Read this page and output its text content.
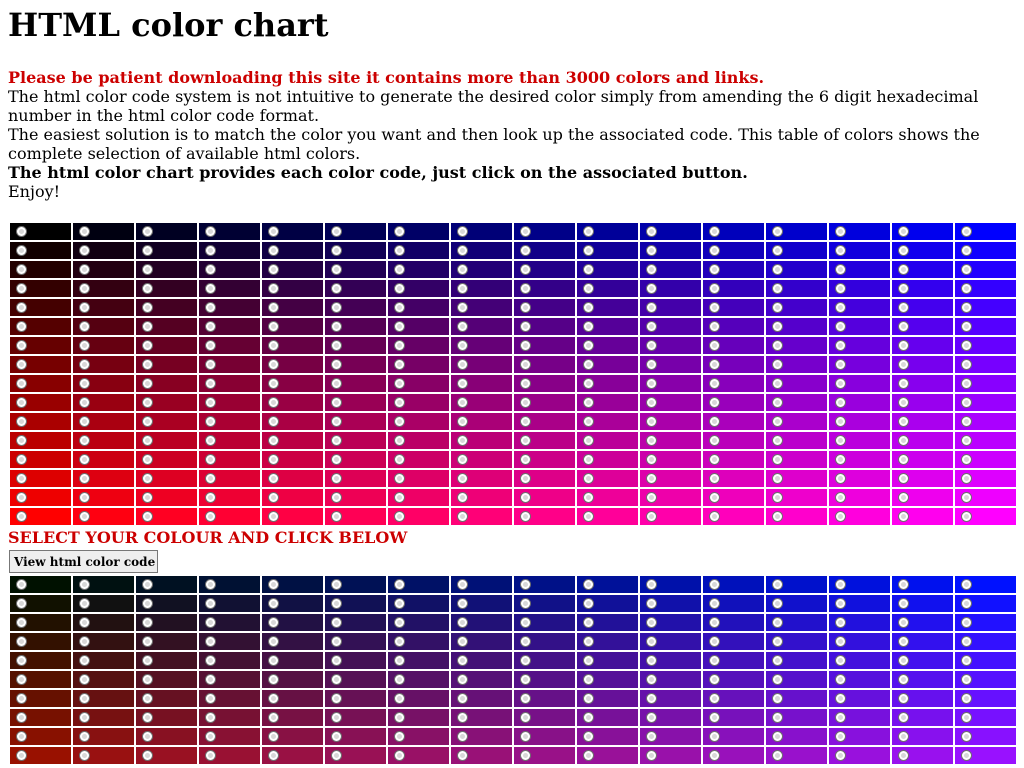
HTML color chart

Please be patient downloading this site it contains more than 3000 colors and links.

The html color code system is not intuitive to generate the desired color simply from amending the 6 digit hexadecimal number in the html color code format.

The easiest solution is to match the color you want and then look up the associated code. This table of colors shows the complete selection of available html colors.

The html color chart provides each color code, just click on the associated button.

Enjoy!

SELECT YOUR COLOUR AND CLICK BELOW
View html color code
